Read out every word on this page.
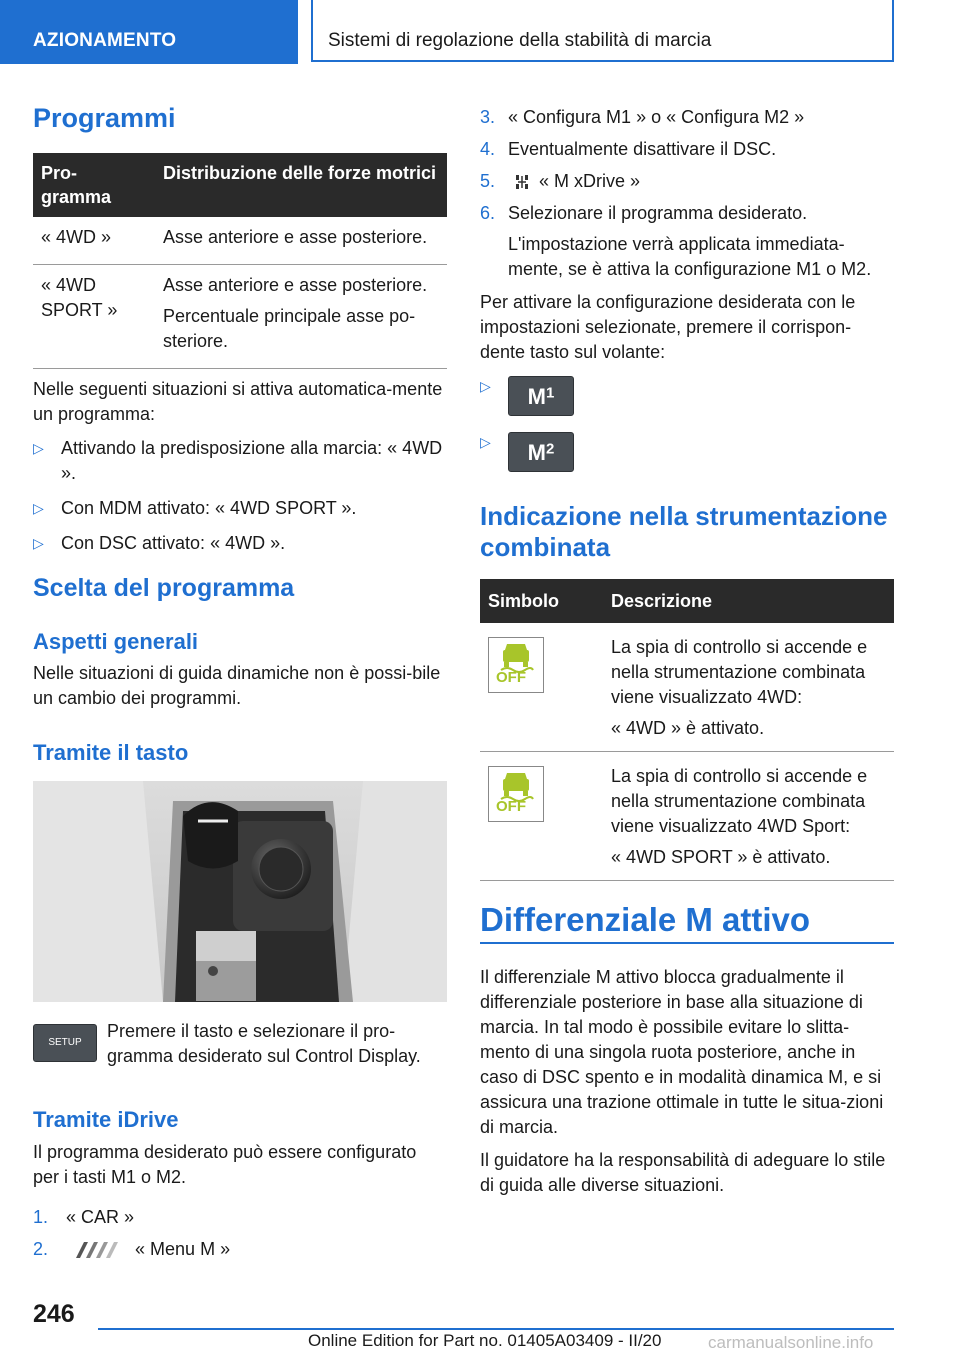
AZIONAMENTO	Sistemi di regolazione della stabilità di marcia
Programmi
Pro-
gramma	Distribuzione delle forze motrici
« 4WD »	Asse anteriore e asse posteriore.

« 4WD SPORT »	Asse anteriore e asse posteriore.

Percentuale principale asse po-steriore.

Nelle seguenti situazioni si attiva automatica-mente un programma:
▷ Attivando la predisposizione alla marcia: « 4WD ».
▷ Con MDM attivato: « 4WD SPORT ».
▷ Con DSC attivato: « 4WD ».
Scelta del programma
Aspetti generali
Nelle situazioni di guida dinamiche non è possi-bile un cambio dei programmi.
Tramite il tasto
SETUP
Premere il tasto e selezionare il pro-gramma desiderato sul Control Display.
Tramite iDrive
Il programma desiderato può essere configurato per i tasti M1 o M2.
1. « CAR »
2.	« Menu M »
3. « Configura M1 » o « Configura M2 »
4. Eventualmente disattivare il DSC.
5. « M xDrive »
6. Selezionare il programma desiderato.
L'impostazione verrà applicata immediata-mente, se è attiva la configurazione M1 o M2.
Per attivare la configurazione desiderata con le impostazioni selezionate, premere il corrispon-dente tasto sul volante:
▷	$M^1$
▷	$M^2$
Indicazione nella strumentazione combinata
Simbolo	Descrizione

OFF	La spia di controllo si accende e nella strumentazione combinata viene visualizzato 4WD:

« 4WD » è attivato.

OFF	La spia di controllo si accende e nella strumentazione combinata viene visualizzato 4WD Sport:

« 4WD SPORT » è attivato.

Differenziale M attivo
Il differenziale M attivo blocca gradualmente il differenziale posteriore in base alla situazione di marcia. In tal modo è possibile evitare lo slitta-mento di una singola ruota posteriore, anche in caso di DSC spento e in modalità dinamica M, e si assicura una trazione ottimale in tutte le situa-zioni di marcia.
Il guidatore ha la responsabilità di adeguare lo stile di guida alle diverse situazioni.
246
Online Edition for Part no. 01405A03409 - II/20	carmanualsonline.info
